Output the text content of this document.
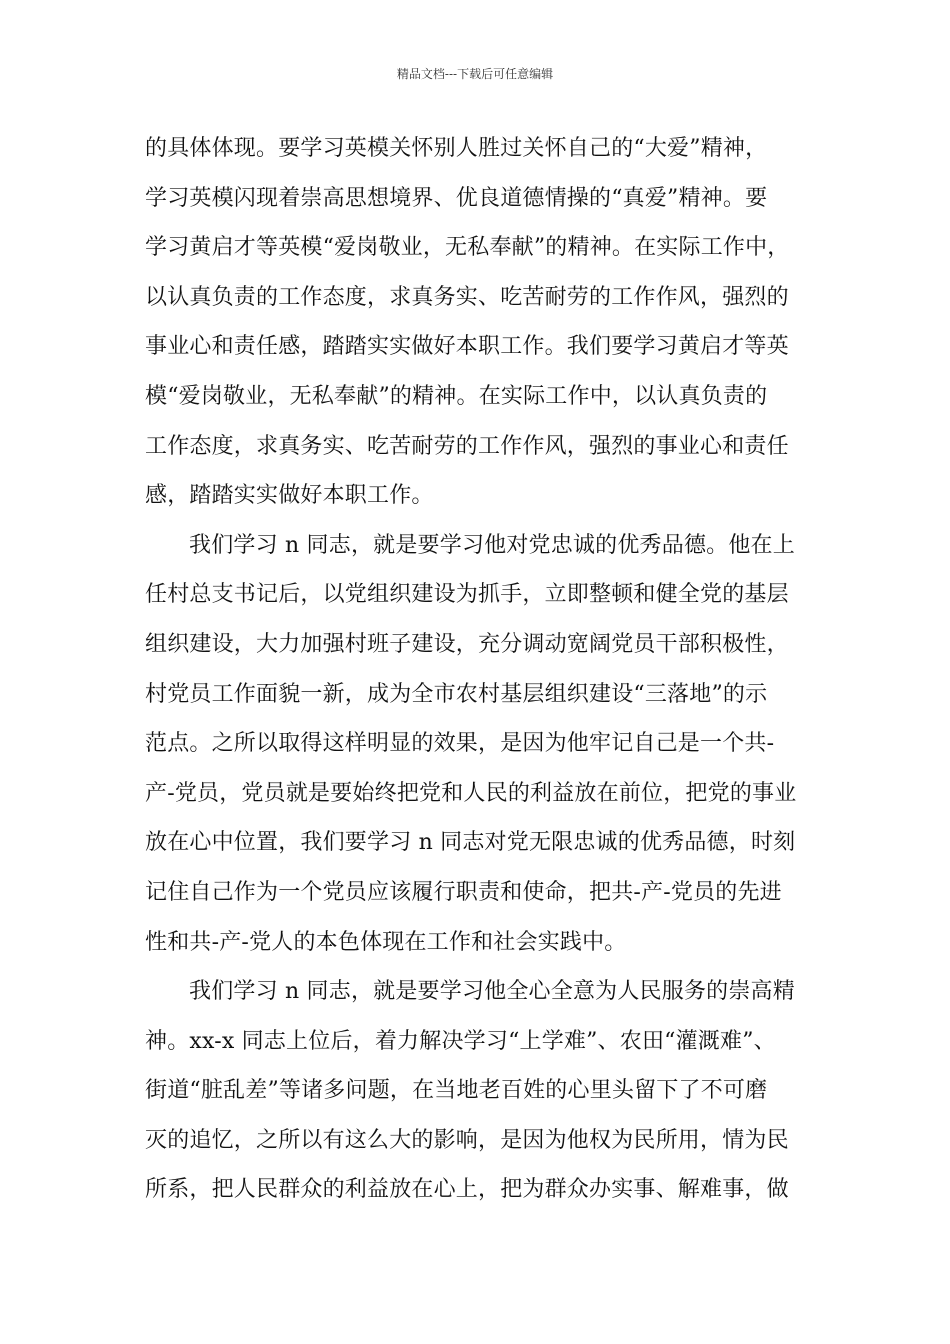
精品文档---下载后可任意编辑
的具体体现。要学习英模关怀别人胜过关怀自己的“大爱”精神，
学习英模闪现着崇高思想境界、优良道德情操的“真爱”精神。要
学习黄启才等英模“爱岗敬业，无私奉献”的精神。在实际工作中，
以认真负责的工作态度，求真务实、吃苦耐劳的工作作风，强烈的
事业心和责任感，踏踏实实做好本职工作。我们要学习黄启才等英
模“爱岗敬业，无私奉献”的精神。在实际工作中，以认真负责的
工作态度，求真务实、吃苦耐劳的工作作风，强烈的事业心和责任
感，踏踏实实做好本职工作。
我们学习 n 同志，就是要学习他对党忠诚的优秀品德。他在上
任村总支书记后，以党组织建设为抓手，立即整顿和健全党的基层
组织建设，大力加强村班子建设，充分调动宽阔党员干部积极性，
村党员工作面貌一新，成为全市农村基层组织建设“三落地”的示
范点。之所以取得这样明显的效果，是因为他牢记自己是一个共-
产-党员，党员就是要始终把党和人民的利益放在前位，把党的事业
放在心中位置，我们要学习 n 同志对党无限忠诚的优秀品德，时刻
记住自己作为一个党员应该履行职责和使命，把共-产-党员的先进
性和共-产-党人的本色体现在工作和社会实践中。
我们学习 n 同志，就是要学习他全心全意为人民服务的崇高精
神。xx-x 同志上位后，着力解决学习“上学难”、农田“灌溉难”、
街道“脏乱差”等诸多问题，在当地老百姓的心里头留下了不可磨
灭的追忆，之所以有这么大的影响，是因为他权为民所用，情为民
所系，把人民群众的利益放在心上，把为群众办实事、解难事，做
